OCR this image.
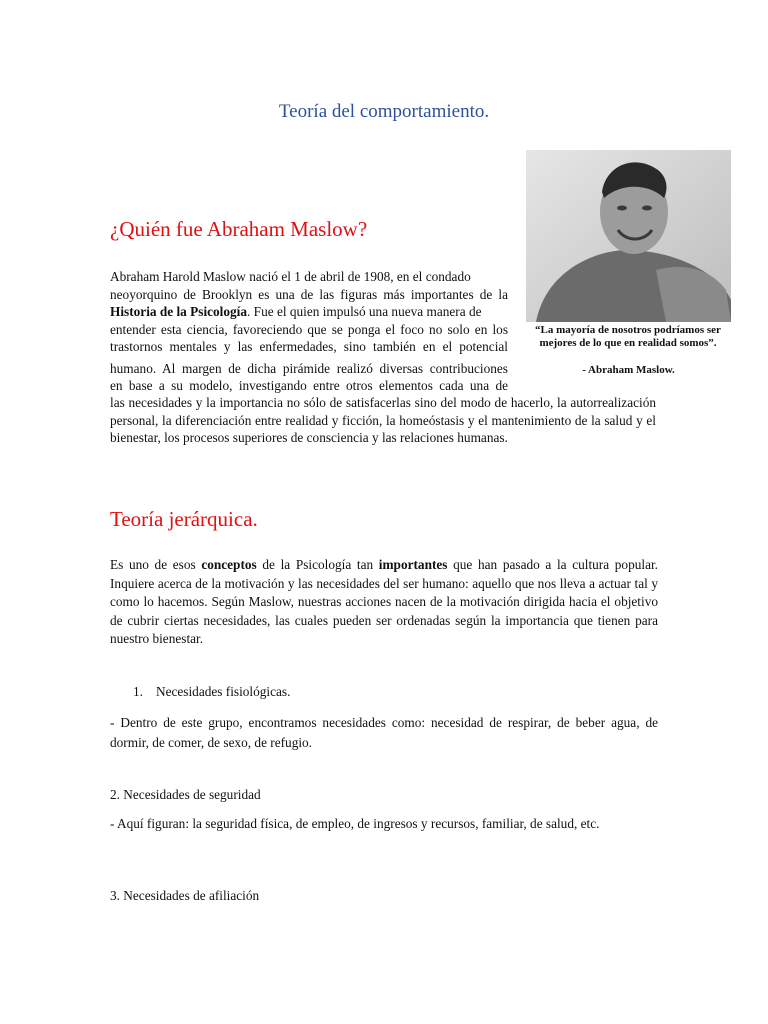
Teoría del comportamiento.
¿Quién fue Abraham Maslow?
“La mayoría de nosotros podríamos ser mejores de lo que en realidad somos”.
- Abraham Maslow.

Abraham Harold Maslow nació el 1 de abril de 1908, en el condado
neoyorquino de Brooklyn es una de las figuras más importantes de la
Historia de la Psicología. Fue el quien impulsó una nueva manera de
entender esta ciencia, favoreciendo que se ponga el foco no solo en los
trastornos mentales y las enfermedades, sino también en el potencial
humano. Al margen de dicha pirámide realizó diversas contribuciones
en base a su modelo, investigando entre otros elementos cada una de

las necesidades y la importancia no sólo de satisfacerlas sino del modo de hacerlo, la autorrealización personal, la diferenciación entre realidad y ficción, la homeóstasis y el mantenimiento de la salud y el bienestar, los procesos superiores de consciencia y las relaciones humanas.

Teoría jerárquica.

Es uno de esos conceptos de la Psicología tan importantes que han pasado a la cultura popular. Inquiere acerca de la motivación y las necesidades del ser humano: aquello que nos lleva a actuar tal y como lo hacemos. Según Maslow, nuestras acciones nacen de la motivación dirigida hacia el objetivo de cubrir ciertas necesidades, las cuales pueden ser ordenadas según la importancia que tienen para nuestro bienestar.

1. Necesidades fisiológicas.

- Dentro de este grupo, encontramos necesidades como: necesidad de respirar, de beber agua, de dormir, de comer, de sexo, de refugio.

2. Necesidades de seguridad

- Aquí figuran: la seguridad física, de empleo, de ingresos y recursos, familiar, de salud, etc.

3. Necesidades de afiliación
